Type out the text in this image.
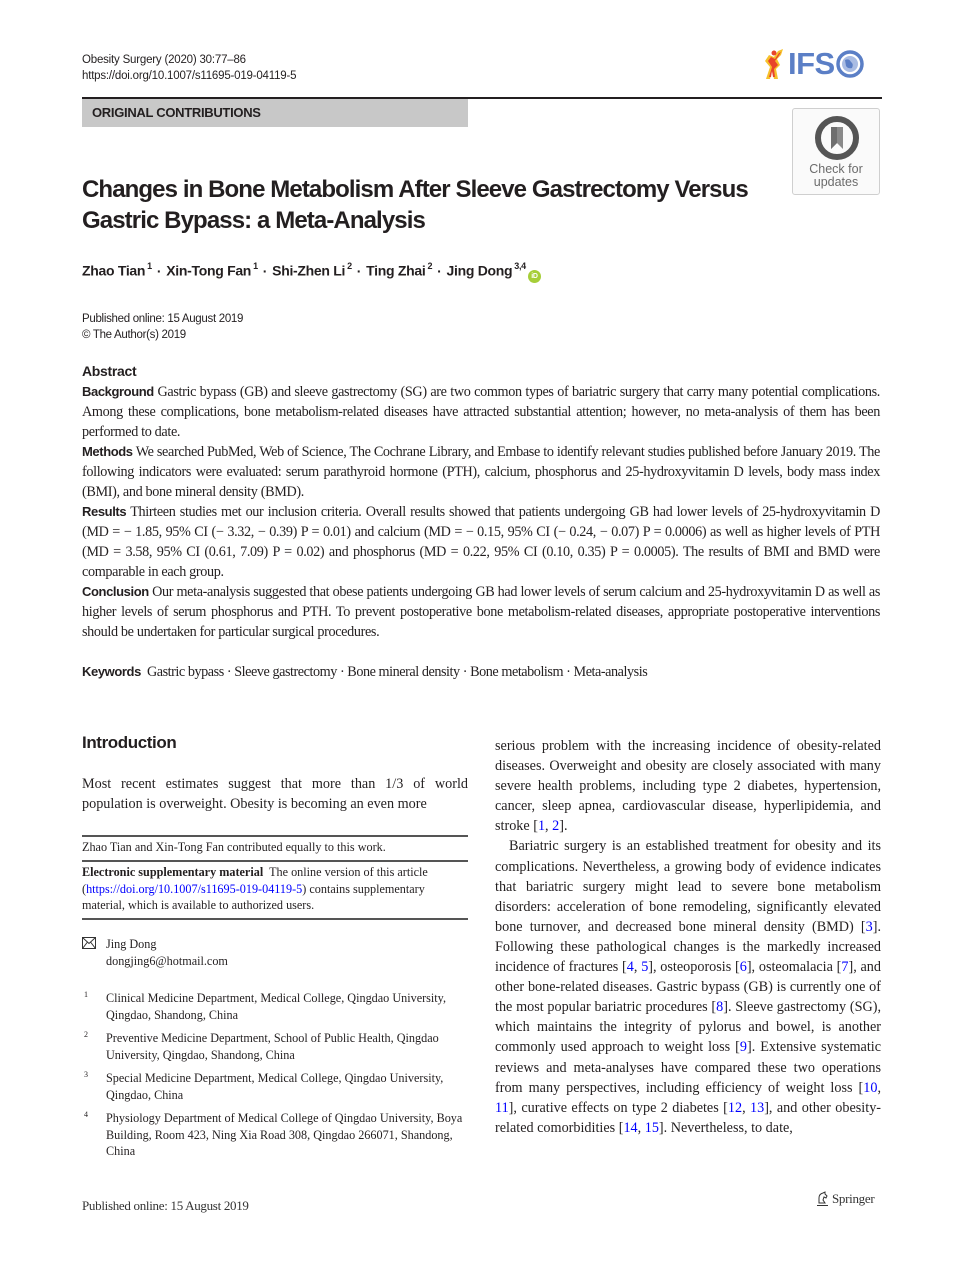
Obesity Surgery (2020) 30:77–86
https://doi.org/10.1007/s11695-019-04119-5	IFS
ORIGINAL CONTRIBUTIONS
Check for
updates
Changes in Bone Metabolism After Sleeve Gastrectomy Versus Gastric Bypass: a Meta-Analysis
Zhao Tian $^1$ · Xin-Tong Fan $^1$ · Shi-Zhen Li $^2$ · Ting Zhai $^2$ · Jing Dong $^{3,4}$
iD
Published online: 15 August 2019
© The Author(s) 2019
Abstract
Background Gastric bypass (GB) and sleeve gastrectomy (SG) are two common types of bariatric surgery that carry many potential complications. Among these complications, bone metabolism-related diseases have attracted substantial attention; however, no meta-analysis of them has been performed to date.
Methods We searched PubMed, Web of Science, The Cochrane Library, and Embase to identify relevant studies published before January 2019. The following indicators were evaluated: serum parathyroid hormone (PTH), calcium, phosphorus and 25-hydroxyvitamin D levels, body mass index (BMI), and bone mineral density (BMD).
Results Thirteen studies met our inclusion criteria. Overall results showed that patients undergoing GB had lower levels of 25-hydroxyvitamin D (MD = − 1.85, 95% CI (− 3.32, − 0.39) P = 0.01) and calcium (MD = − 0.15, 95% CI (− 0.24, − 0.07) P = 0.0006) as well as higher levels of PTH (MD = 3.58, 95% CI (0.61, 7.09) P = 0.02) and phosphorus (MD = 0.22, 95% CI (0.10, 0.35) P = 0.0005). The results of BMI and BMD were comparable in each group.
Conclusion Our meta-analysis suggested that obese patients undergoing GB had lower levels of serum calcium and 25-hydroxyvitamin D as well as higher levels of serum phosphorus and PTH. To prevent postoperative bone metabolism-related diseases, appropriate postoperative interventions should be undertaken for particular surgical procedures.
Keywords Gastric bypass · Sleeve gastrectomy · Bone mineral density · Bone metabolism · Meta-analysis
Introduction
Most recent estimates suggest that more than 1/3 of world population is overweight. Obesity is becoming an even more
Zhao Tian and Xin-Tong Fan contributed equally to this work.
Electronic supplementary material The online version of this article (https://doi.org/10.1007/s11695-019-04119-5) contains supplementary material, which is available to authorized users.
Jing Dong
dongjing6@hotmail.com
1 Clinical Medicine Department, Medical College, Qingdao University, Qingdao, Shandong, China
2 Preventive Medicine Department, School of Public Health, Qingdao University, Qingdao, Shandong, China
3 Special Medicine Department, Medical College, Qingdao University, Qingdao, China
4 Physiology Department of Medical College of Qingdao University, Boya Building, Room 423, Ning Xia Road 308, Qingdao 266071, Shandong, China

serious problem with the increasing incidence of obesity-related diseases. Overweight and obesity are closely associated with many severe health problems, including type 2 diabetes, hypertension, cancer, sleep apnea, cardiovascular disease, hyperlipidemia, and stroke [1, 2].

Bariatric surgery is an established treatment for obesity and its complications. Nevertheless, a growing body of evidence indicates that bariatric surgery might lead to severe bone metabolism disorders: acceleration of bone remodeling, significantly elevated bone turnover, and decreased bone mineral density (BMD) [3]. Following these pathological changes is the markedly increased incidence of fractures [4, 5], osteoporosis [6], osteomalacia [7], and other bone-related diseases. Gastric bypass (GB) is currently one of the most popular bariatric procedures [8]. Sleeve gastrectomy (SG), which maintains the integrity of pylorus and bowel, is another commonly used approach to weight loss [9]. Extensive systematic reviews and meta-analyses have compared these two operations from many perspectives, including efficiency of weight loss [10, 11], curative effects on type 2 diabetes [12, 13], and other obesity-related comorbidities [14, 15]. Nevertheless, to date,

Published online: 15 August 2019	Springer
